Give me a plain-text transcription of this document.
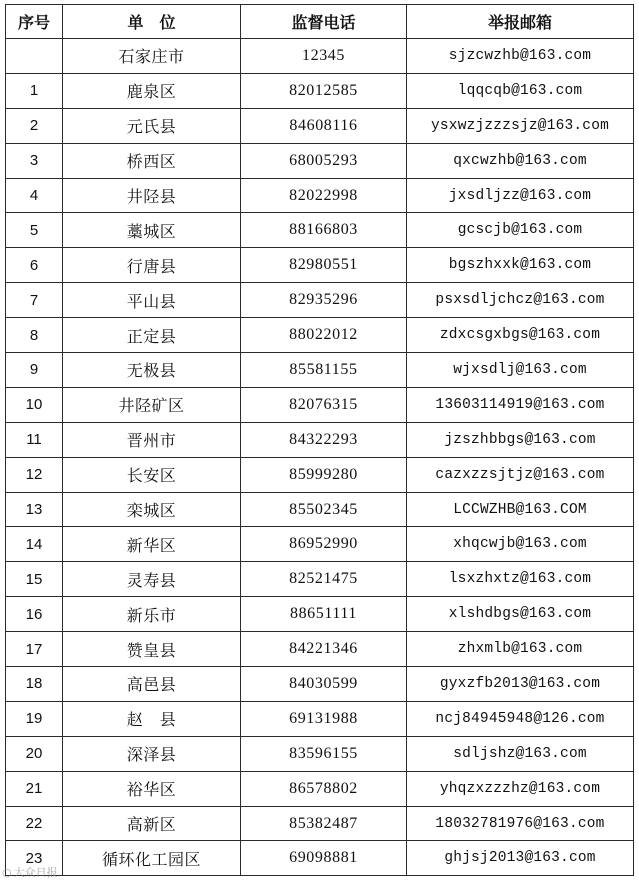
序号	单　位	监督电话	举报邮箱
	石家庄市	12345	sjzcwzhb@163.com
1	鹿泉区	82012585	lqqcqb@163.com
2	元氏县	84608116	ysxwzjzzzsjz@163.com
3	桥西区	68005293	qxcwzhb@163.com
4	井陉县	82022998	jxsdljzz@163.com
5	藁城区	88166803	gcscjb@163.com
6	行唐县	82980551	bgszhxxk@163.com
7	平山县	82935296	psxsdljchcz@163.com
8	正定县	88022012	zdxcsgxbgs@163.com
9	无极县	85581155	wjxsdlj@163.com
10	井陉矿区	82076315	13603114919@163.com
11	晋州市	84322293	jzszhbbgs@163.com
12	长安区	85999280	cazxzzsjtjz@163.com
13	栾城区	85502345	LCCWZHB@163.COM
14	新华区	86952990	xhqcwjb@163.com
15	灵寿县	82521475	lsxzhxtz@163.com
16	新乐市	88651111	xlshdbgs@163.com
17	赞皇县	84221346	zhxmlb@163.com
18	高邑县	84030599	gyxzfb2013@163.com
19	赵　县	69131988	ncj84945948@126.com
20	深泽县	83596155	sdljshz@163.com
21	裕华区	86578802	yhqzxzzzhz@163.com
22	高新区	85382487	18032781976@163.com
23	循环化工园区	69098881	ghjsj2013@163.com
○ 大众日报
